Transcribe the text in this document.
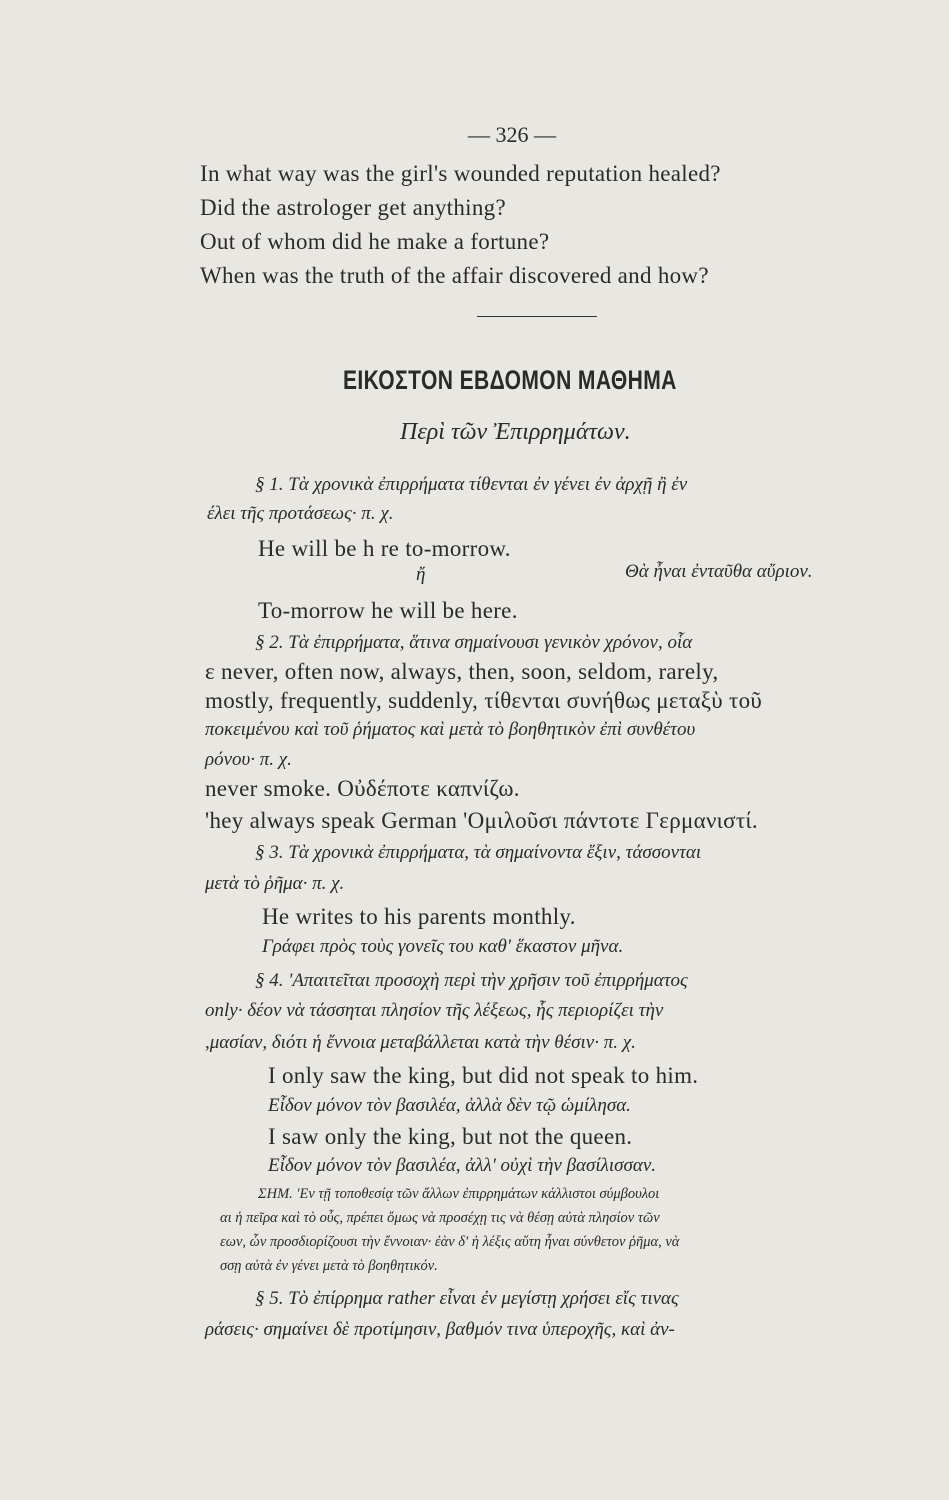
— 326 —
In what way was the girl's wounded reputation healed?
Did the astrologer get anything?
Out of whom did he make a fortune?
When was the truth of the affair discovered and how?
ΕΙΚΟΣΤΟΝ ΕΒΔΟΜΟΝ ΜΑΘΗΜΑ
Περὶ τῶν Ἐπιρρημάτων.
§ 1. Τὰ χρονικὰ ἐπιρρήματα τίθενται ἐν γένει ἐν ἀρχῇ ἢ ἐν
έλει τῆς προτάσεως· π. χ.
He will be h re to-morrow.
ἤ	Θὰ ἦναι ἐνταῦθα αὔριον.
To-morrow he will be here.
§ 2. Τὰ ἐπιρρήματα, ἅτινα σημαίνουσι γενικὸν χρόνον, οἷα
ε never, often now, always, then, soon, seldom, rarely,
mostly, frequently, suddenly, τίθενται συνήθως μεταξὺ τοῦ
ποκειμένου καὶ τοῦ ῥήματος καὶ μετὰ τὸ βοηθητικὸν ἐπὶ συνθέτου
ρόνου· π. χ.
never smoke. Οὐδέποτε καπνίζω.
'hey always speak German 'Ομιλοῦσι πάντοτε Γερμανιστί.
§ 3. Τὰ χρονικὰ ἐπιρρήματα, τὰ σημαίνοντα ἕξιν, τάσσονται
μετὰ τὸ ῥῆμα· π. χ.
He writes to his parents monthly.
Γράφει πρὸς τοὺς γονεῖς του καθ' ἕκαστον μῆνα.
§ 4. 'Απαιτεῖται προσοχὴ περὶ τὴν χρῆσιν τοῦ ἐπιρρήματος
only· δέον νὰ τάσσηται πλησίον τῆς λέξεως, ἧς περιορίζει τὴν
,μασίαν, διότι ἡ ἔννοια μεταβάλλεται κατὰ τὴν θέσιν· π. χ.
I only saw the king, but did not speak to him.
Εἶδον μόνον τὸν βασιλέα, ἀλλὰ δὲν τῷ ὡμίλησα.
I saw only the king, but not the queen.
Εἶδον μόνον τὸν βασιλέα, ἀλλ' οὐχὶ τὴν βασίλισσαν.
ΣΗΜ. 'Εν τῇ τοποθεσίᾳ τῶν ἄλλων ἐπιρρημάτων κάλλιστοι σύμβουλοι
αι ἡ πεῖρα καὶ τὸ οὖς, πρέπει ὅμως νὰ προσέχῃ τις νὰ θέσῃ αὐτὰ πλησίον τῶν
εων, ὧν προσδιορίζουσι τὴν ἔννοιαν· ἐὰν δ' ἡ λέξις αὕτη ἦναι σύνθετον ῥῆμα, νὰ
σσῃ αὐτὰ ἐν γένει μετὰ τὸ βοηθητικόν.
§ 5. Τὸ ἐπίρρημα rather εἶναι ἐν μεγίστῃ χρήσει εἴς τινας
ράσεις· σημαίνει δὲ προτίμησιν, βαθμόν τινα ὑπεροχῆς, καὶ ἀν-
